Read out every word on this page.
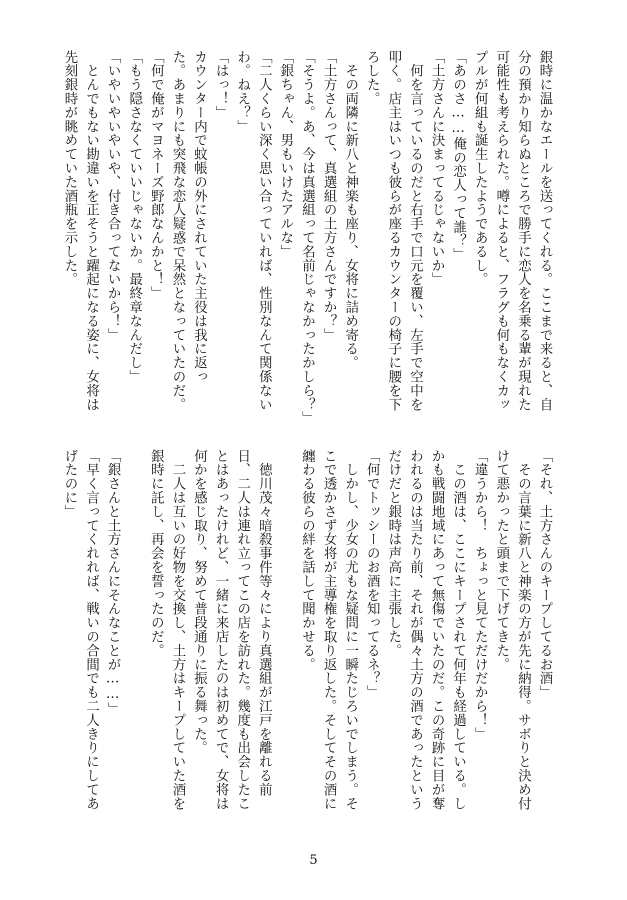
銀時に温かなエールを送ってくれる。ここまで来ると、自
分の預かり知らぬところで勝手に恋人を名乗る輩が現れた
可能性も考えられた。噂によると、フラグも何もなくカッ
プルが何組も誕生したようであるし。
「あのさ……俺の恋人って誰？」
「土方さんに決まってるじゃないか」
　何を言っているのだと右手で口元を覆い、左手で空中を
叩く。店主はいつも彼らが座るカウンターの椅子に腰を下
ろした。
　その両隣に新八と神楽も座り、女将に詰め寄る。
「土方さんって、真選組の土方さんですか？」
「そうよ。あ、今は真選組って名前じゃなかったかしら？」
「銀ちゃん、男もいけたアルな」
「二人くらい深く思い合っていれば、性別なんて関係ない
わ。ねえ？」
「はっ！」
カウンター内で蚊帳の外にされていた主役は我に返っ
た。あまりにも突飛な恋人疑惑で呆然となっていたのだ。
「何で俺がマヨネーズ野郎なんかと！」
「もう隠さなくていいじゃないか。最終章なんだし」
「いやいやいやいや、付き合ってないから！」
　とんでもない勘違いを正そうと躍起になる姿に、女将は
先刻銀時が眺めていた酒瓶を示した。
「それ、土方さんのキープしてるお酒」
　その言葉に新八と神楽の方が先に納得。サボりと決め付
けて悪かったと頭まで下げてきた。
「違うから！　ちょっと見てただけだから！」
　この酒は、ここにキープされて何年も経過している。し
かも戦闘地域にあって無傷でいたのだ。この奇跡に目が奪
われるのは当たり前、それが偶々土方の酒であったという
だけだと銀時は声高に主張した。
「何でトッシーのお酒を知ってるネ？」
　しかし、少女の尤もな疑問に一瞬たじろいでしまう。そ
こで透かさず女将が主導権を取り返した。そしてその酒に
纏わる彼らの絆を話して聞かせる。
　徳川茂々暗殺事件等々により真選組が江戸を離れる前
日、二人は連れ立ってこの店を訪れた。幾度も出会したこ
とはあったけれど、一緒に来店したのは初めてで、女将は
何かを感じ取り、努めて普段通りに振る舞った。
　二人は互いの好物を交換し、土方はキープしていた酒を
銀時に託し、再会を誓ったのだ。
「銀さんと土方さんにそんなことが……」
「早く言ってくれれば、戦いの合間でも二人きりにしてあ
げたのに」
5
